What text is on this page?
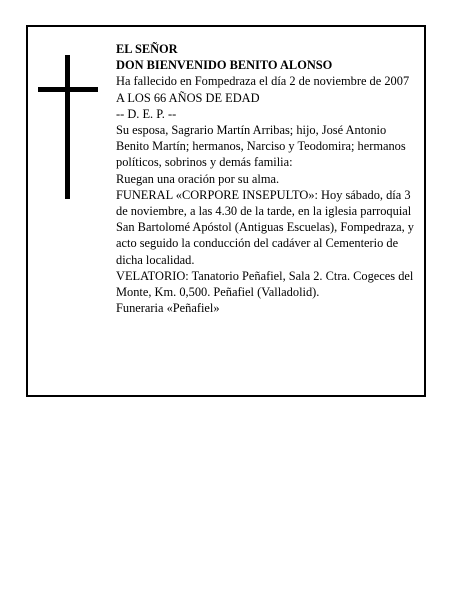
EL SEÑOR

DON BIENVENIDO BENITO ALONSO

Ha fallecido en Fompedraza el día 2 de noviembre de 2007

A LOS 66 AÑOS DE EDAD

-- D. E. P. --

Su esposa, Sagrario Martín Arribas; hijo, José Antonio Benito Martín; hermanos, Narciso y Teodomira; hermanos políticos, sobrinos y demás familia:

Ruegan una oración por su alma.

FUNERAL «CORPORE INSEPULTO»: Hoy sábado, día 3 de noviembre, a las 4.30 de la tarde, en la iglesia parroquial San Bartolomé Apóstol (Antiguas Escuelas), Fompedraza, y acto seguido la conducción del cadáver al Cementerio de dicha localidad.

VELATORIO: Tanatorio Peñafiel, Sala 2. Ctra. Cogeces del Monte, Km. 0,500. Peñafiel (Valladolid).

Funeraria «Peñafiel»
